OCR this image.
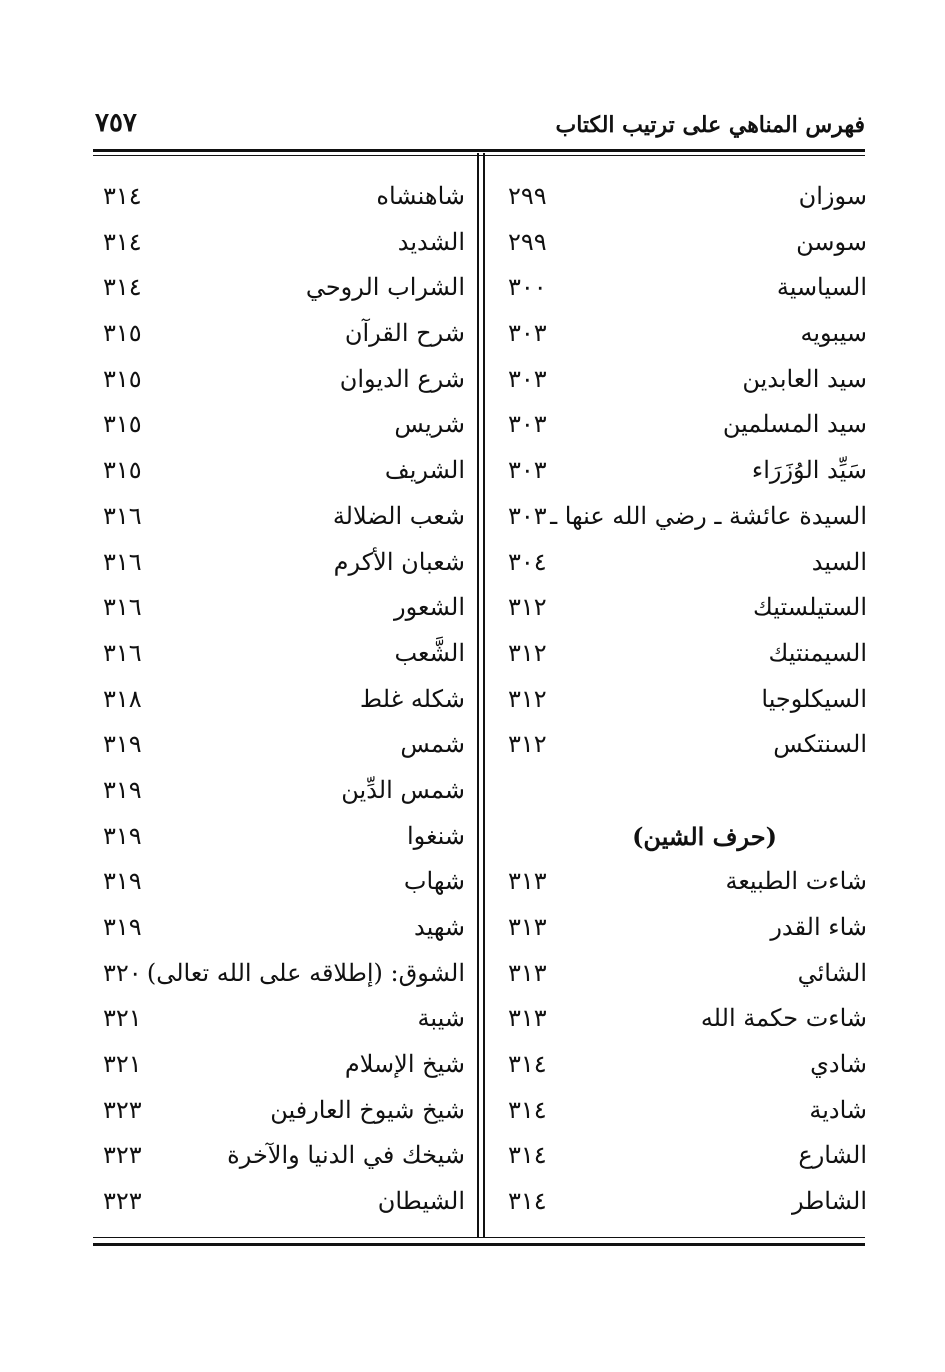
فهرس المناهي على ترتيب الكتاب
٧٥٧
سوزان
٢٩٩
سوسن
٢٩٩
السياسية
٣٠٠
سيبويه
٣٠٣
سيد العابدين
٣٠٣
سيد المسلمين
٣٠٣
سَيِّد الوُزَرَاء
٣٠٣
السيدة عائشة ـ رضي الله عنها ـ
٣٠٣
السيد
٣٠٤
الستيلستيك
٣١٢
السيمنتيك
٣١٢
السيكلوجيا
٣١٢
السنتكس
٣١٢
(حرف الشين)
شاءت الطبيعة
٣١٣
شاء القدر
٣١٣
الشائي
٣١٣
شاءت حكمة الله
٣١٣
شادي
٣١٤
شادية
٣١٤
الشارع
٣١٤
الشاطر
٣١٤
شاهنشاه
٣١٤
الشديد
٣١٤
الشراب الروحي
٣١٤
شرح القرآن
٣١٥
شرع الديوان
٣١٥
شريس
٣١٥
الشريف
٣١٥
شعب الضلالة
٣١٦
شعبان الأكرم
٣١٦
الشعور
٣١٦
الشَّعب
٣١٦
شكله غلط
٣١٨
شمس
٣١٩
شمس الدِّين
٣١٩
شنغوا
٣١٩
شهاب
٣١٩
شهيد
٣١٩
الشوق: (إطلاقه على الله تعالى)
٣٢٠
شيبة
٣٢١
شيخ الإسلام
٣٢١
شيخ شيوخ العارفين
٣٢٣
شيخك في الدنيا والآخرة
٣٢٣
الشيطان
٣٢٣
